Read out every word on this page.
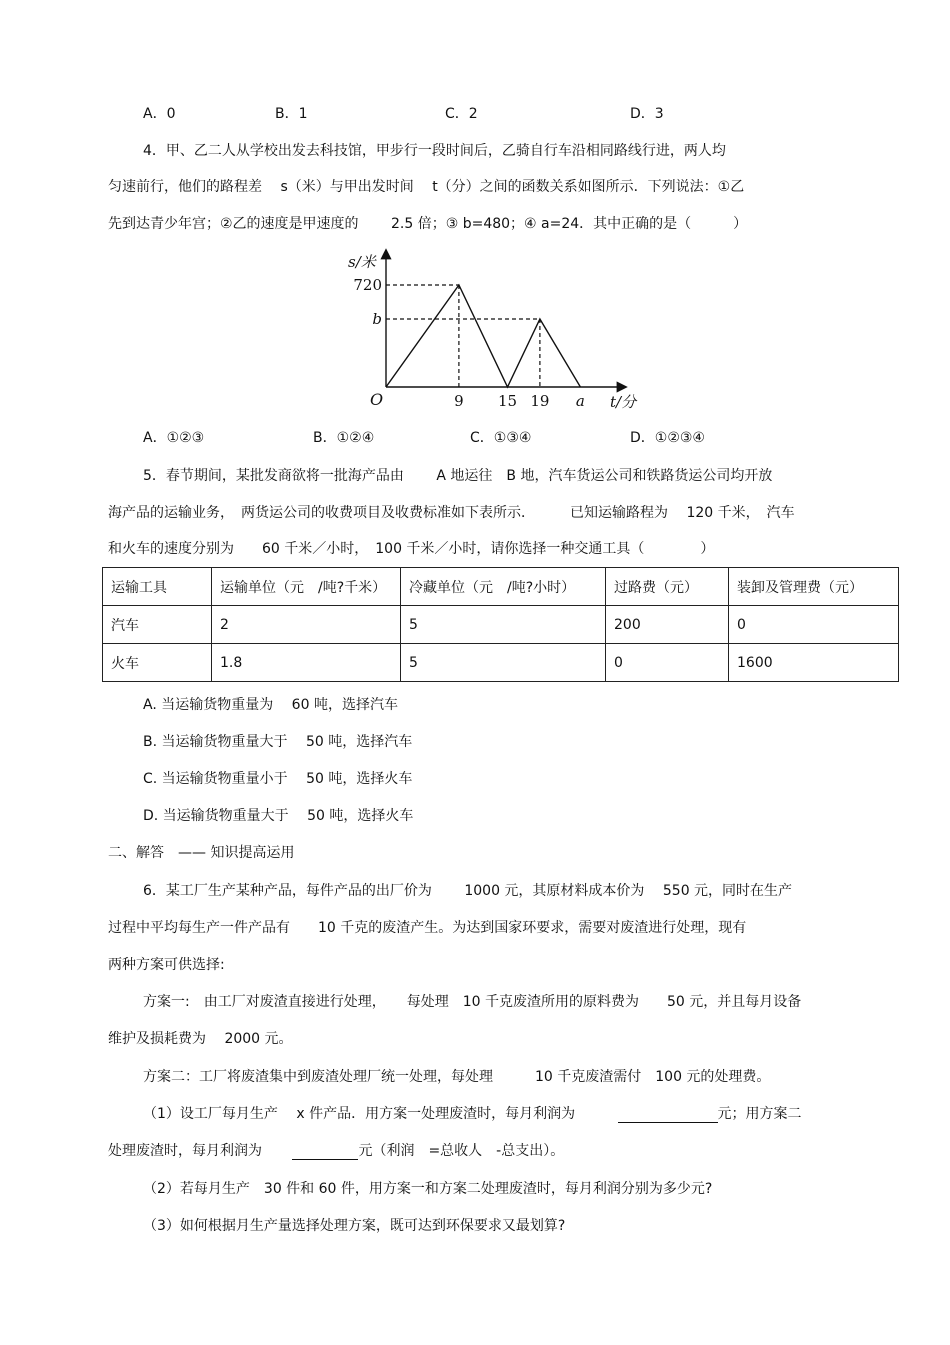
A．0	B．1	C．2	D．3
4．甲、乙二人从学校出发去科技馆，甲步行一段时间后，乙骑自行车沿相同路线行进，两人均
匀速前行，他们的路程差　 s（米）与甲出发时间　 t（分）之间的函数关系如图所示．下列说法：①乙
先到达青少年宫；②乙的速度是甲速度的　　 2.5 倍；③ b=480；④ a=24．其中正确的是（　　　）
720
b
9 15 19 a
s/米
t/分
O
A．①②③	B．①②④	C．①③④	D．①②③④
5．春节期间，某批发商欲将一批海产品由　　 A 地运往　B 地，汽车货运公司和铁路货运公司均开放
海产品的运输业务，　两货运公司的收费项目及收费标准如下表所示．　　　已知运输路程为　 120 千米，　汽车
和火车的速度分别为　　60 千米／小时，　100 千米／小时，请你选择一种交通工具（　　　　）
运输工具	运输单位（元　/吨?千米）	冷藏单位（元　/吨?小时）	过路费（元）	装卸及管理费（元）
汽车	2	5	200	0
火车	1.8	5	0	1600
A. 当运输货物重量为　 60 吨，选择汽车
B. 当运输货物重量大于　 50 吨，选择汽车
C. 当运输货物重量小于　 50 吨，选择火车
D. 当运输货物重量大于　 50 吨，选择火车
二、解答　—— 知识提高运用
6．某工厂生产某种产品，每件产品的出厂价为　　 1000 元，其原材料成本价为　 550 元，同时在生产
过程中平均每生产一件产品有　　10 千克的废渣产生。为达到国家环要求，需要对废渣进行处理，现有
两种方案可供选择:
方案一:　由工厂对废渣直接进行处理，　　每处理　10 千克废渣所用的原料费为　　50 元，并且每月设备
维护及损耗费为　 2000 元。
方案二：工厂将废渣集中到废渣处理厂统一处理，每处理　　　10 千克废渣需付　100 元的处理费。
（1）设工厂每月生产　 x 件产品．用方案一处理废渣时，每月利润为	元；用方案二
处理废渣时，每月利润为	元（利润　=总收人　-总支出）。
（2）若每月生产　30 件和 60 件，用方案一和方案二处理废渣时，每月利润分别为多少元?
（3）如何根据月生产量选择处理方案，既可达到环保要求又最划算?
